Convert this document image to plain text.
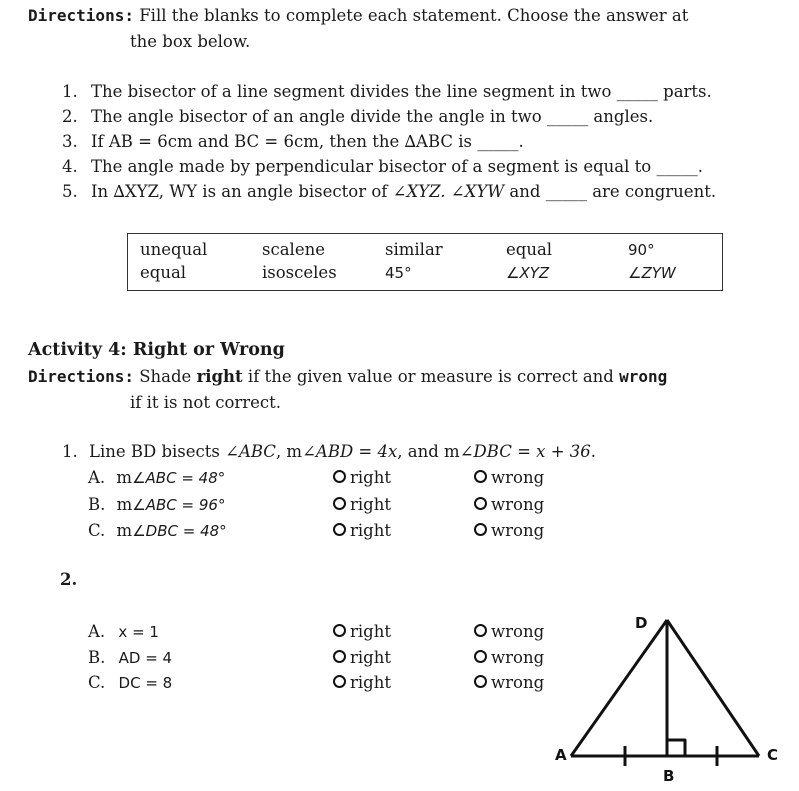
Directions: Fill the blanks to complete each statement. Choose the answer at
the box below.
1. The bisector of a line segment divides the line segment in two _____ parts.
2. The angle bisector of an angle divide the angle in two _____ angles.
3. If AB = 6cm and BC = 6cm, then the ∆ABC is _____.
4. The angle made by perpendicular bisector of a segment is equal to _____.
5. In ∆XYZ, WY is an angle bisector of ∠XYZ. ∠XYW and _____ are congruent.
unequal	scalene	similar	equal	90°
equal	isosceles	45°	∠XYZ	∠ZYW
Activity 4: Right or Wrong
Directions: Shade right if the given value or measure is correct and wrong
if it is not correct.
1. Line BD bisects ∠ABC, m∠ABD = 4x, and m∠DBC = x + 36.
A. m∠ABC = 48°	right	wrong
B. m∠ABC = 96°	right	wrong
C. m∠DBC = 48°	right	wrong
2.
A. x = 1	right	wrong
B. AD = 4	right	wrong
C. DC = 8	right	wrong
D
A
B
C
